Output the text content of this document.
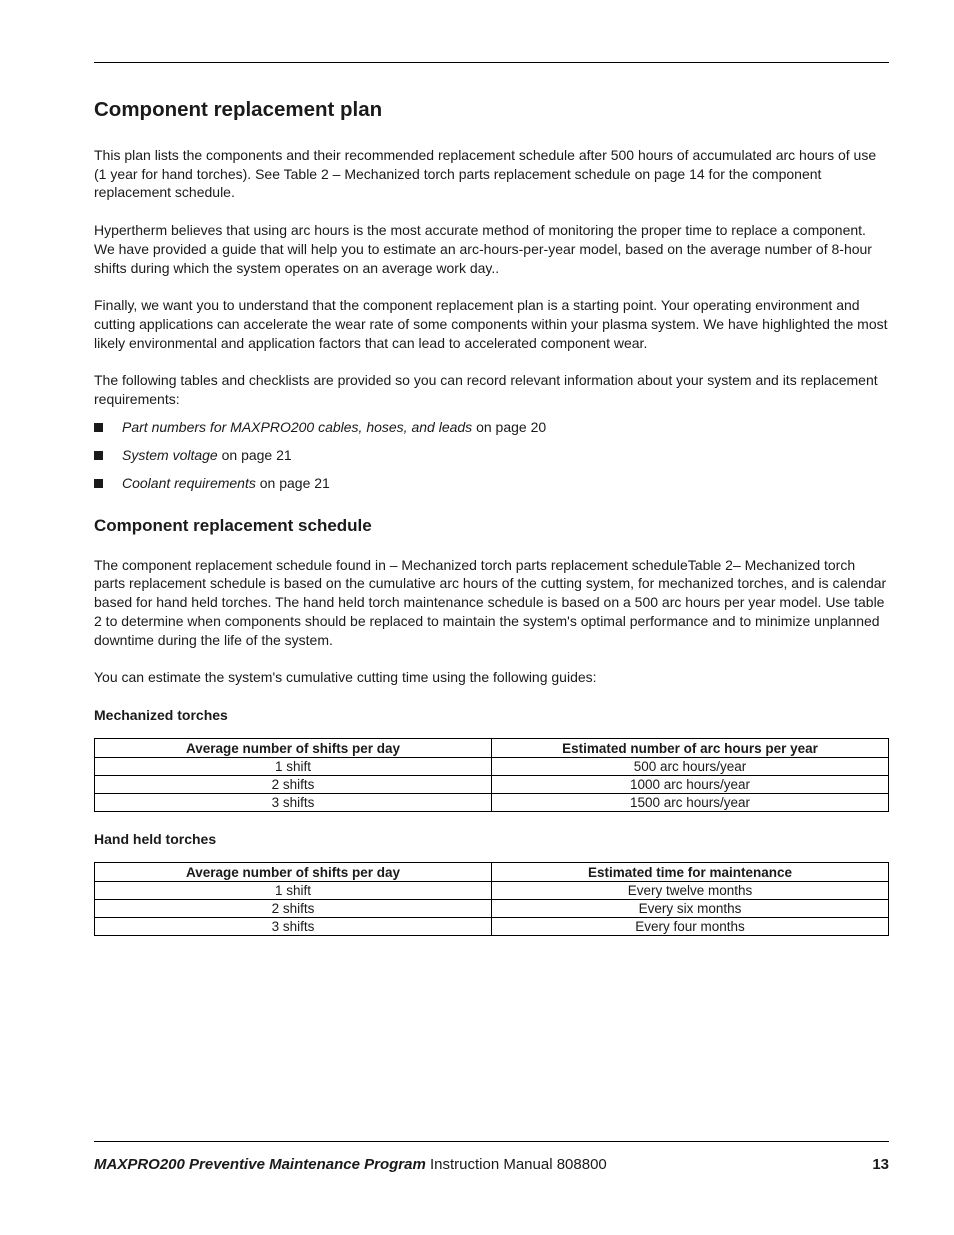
Component replacement plan

This plan lists the components and their recommended replacement schedule after 500 hours of accumulated arc hours of use (1 year for hand torches). See Table 2 – Mechanized torch parts replacement schedule on page 14 for the component replacement schedule.

Hypertherm believes that using arc hours is the most accurate method of monitoring the proper time to replace a component. We have provided a guide that will help you to estimate an arc-hours-per-year model, based on the average number of 8-hour shifts during which the system operates on an average work day..

Finally, we want you to understand that the component replacement plan is a starting point. Your operating environment and cutting applications can accelerate the wear rate of some components within your plasma system. We have highlighted the most likely environmental and application factors that can lead to accelerated component wear.

The following tables and checklists are provided so you can record relevant information about your system and its replacement requirements:

Part numbers for MAXPRO200 cables, hoses, and leads on page 20
System voltage on page 21
Coolant requirements on page 21
Component replacement schedule

The component replacement schedule found in – Mechanized torch parts replacement scheduleTable 2– Mechanized torch parts replacement schedule is based on the cumulative arc hours of the cutting system, for mechanized torches, and is calendar based for hand held torches. The hand held torch maintenance schedule is based on a 500 arc hours per year model. Use table 2 to determine when components should be replaced to maintain the system's optimal performance and to minimize unplanned downtime during the life of the system.

You can estimate the system's cumulative cutting time using the following guides:

Mechanized torches
Average number of shifts per day	Estimated number of arc hours per year
1 shift	500 arc hours/year
2 shifts	1000 arc hours/year
3 shifts	1500 arc hours/year
Hand held torches
Average number of shifts per day	Estimated time for maintenance
1 shift	Every twelve months
2 shifts	Every six months
3 shifts	Every four months
MAXPRO200 Preventive Maintenance Program Instruction Manual 808800	13
